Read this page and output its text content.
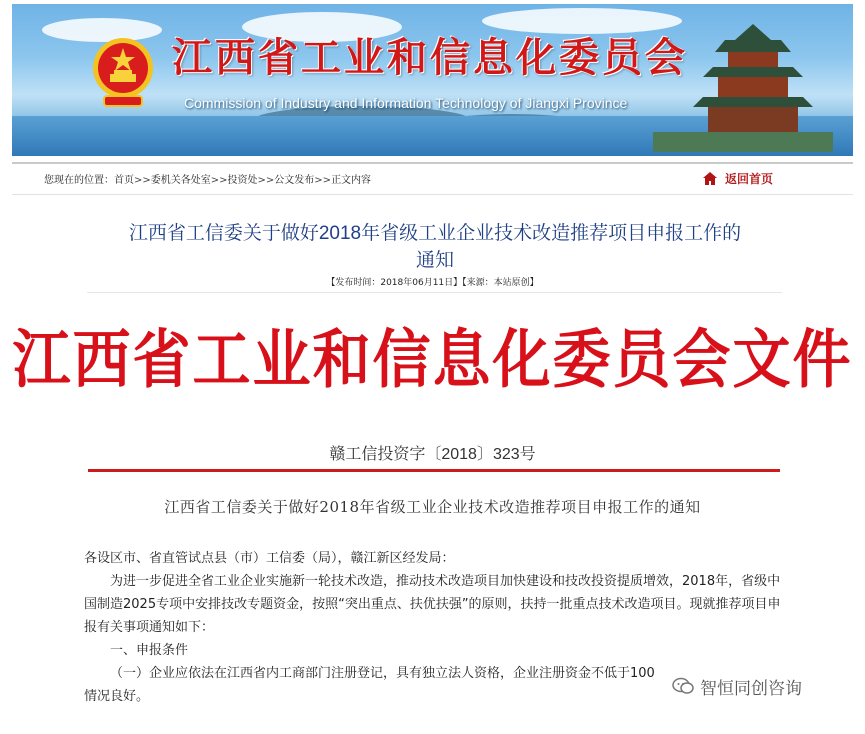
江西省工业和信息化委员会
Commission of Industry and Information Technology of Jiangxi Province
您现在的位置：首页>>委机关各处室>>投资处>>公文发布>>正文内容	返回首页
江西省工信委关于做好2018年省级工业企业技术改造推荐项目申报工作的
通知
【发布时间：2018年06月11日】【来源：本站原创】
江西省工业和信息化委员会文件
赣工信投资字〔2018〕323号
江西省工信委关于做好2018年省级工业企业技术改造推荐项目申报工作的通知

各设区市、省直管试点县（市）工信委（局），赣江新区经发局：

为进一步促进全省工业企业实施新一轮技术改造，推动技术改造项目加快建设和技改投资提质增效，2018年，省级中国制造2025专项中安排技改专题资金，按照“突出重点、扶优扶强”的原则，扶持一批重点技术改造项目。现就推荐项目申报有关事项通知如下：

一、申报条件

（一）企业应依法在江西省内工商部门注册登记，具有独立法人资格，企业注册资金不低于100

情况良好。	智恒同创咨询
